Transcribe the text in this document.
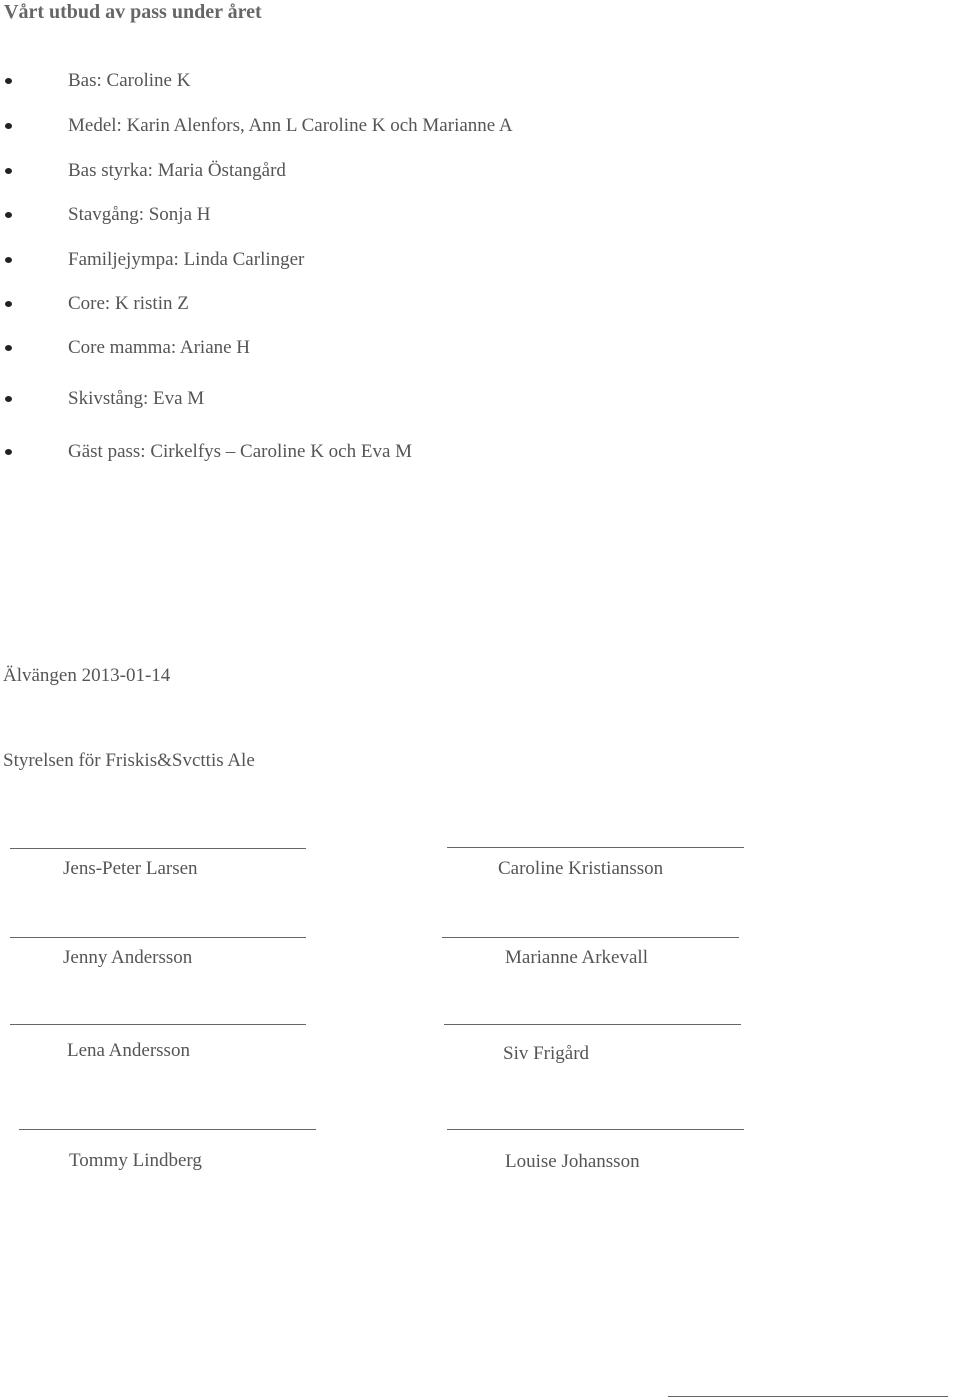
Vårt utbud av pass under året
Bas: Caroline K
Medel: Karin Alenfors, Ann L Caroline K och Marianne A
Bas styrka: Maria Östangård
Stavgång: Sonja H
Familjejympa: Linda Carlinger
Core: K ristin Z
Core mamma: Ariane H
Skivstång: Eva M
Gäst pass: Cirkelfys – Caroline K och Eva M
Älvängen 2013-01-14
Styrelsen för Friskis&Svcttis Ale
Jens-Peter Larsen	Caroline Kristiansson
Jenny Andersson	Marianne Arkevall
Lena Andersson	Siv Frigård
Tommy Lindberg	Louise Johansson
